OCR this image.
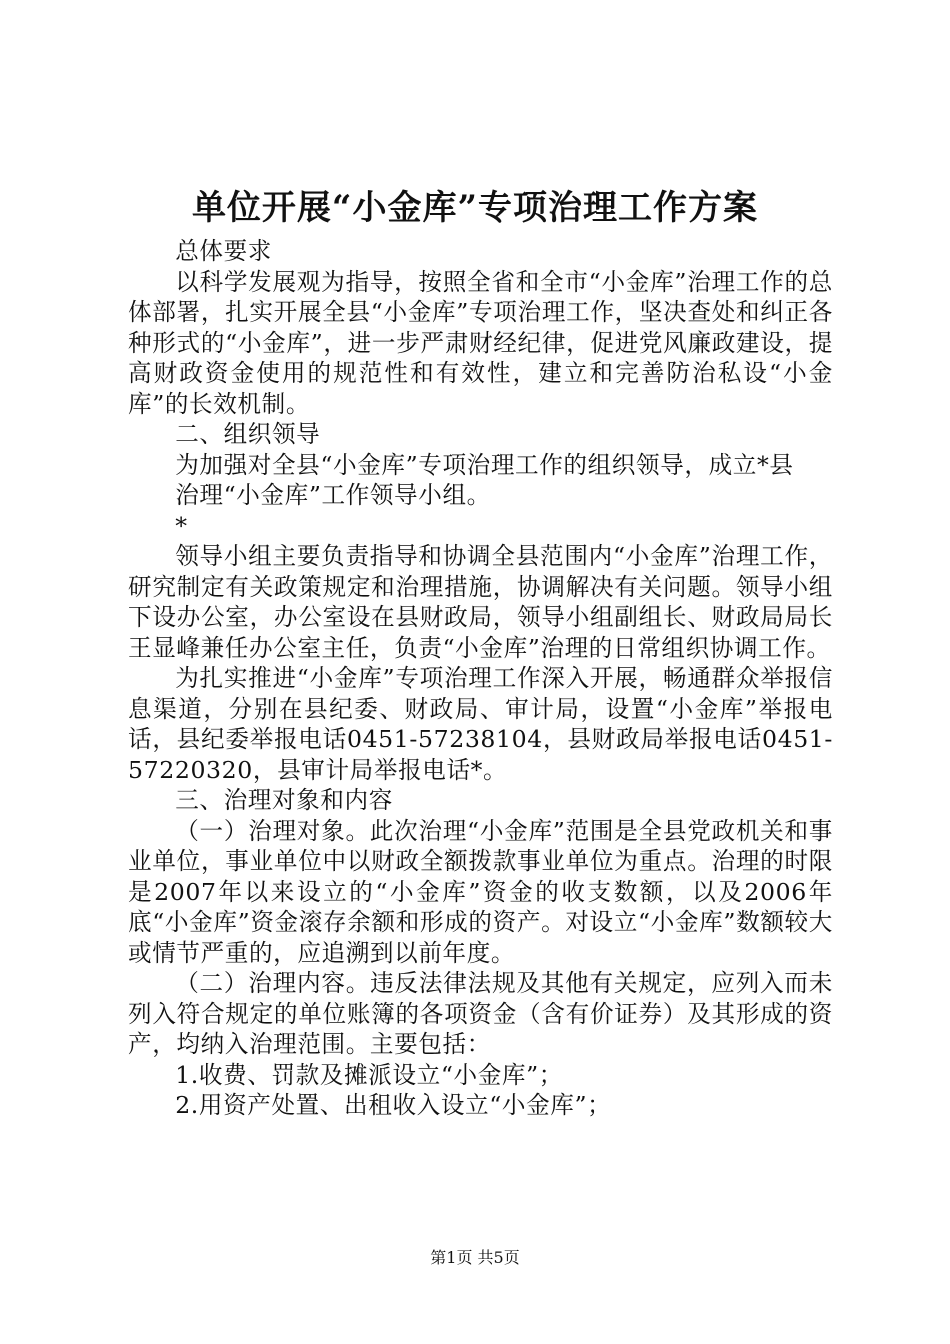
单位开展“小金库”专项治理工作方案

总体要求

以科学发展观为指导，按照全省和全市“小金库”治理工作的总体部署，扎实开展全县“小金库”专项治理工作，坚决查处和纠正各种形式的“小金库”，进一步严肃财经纪律，促进党风廉政建设，提高财政资金使用的规范性和有效性，建立和完善防治私设“小金库”的长效机制。

二、组织领导

为加强对全县“小金库”专项治理工作的组织领导，成立*县

治理“小金库”工作领导小组。

*

领导小组主要负责指导和协调全县范围内“小金库”治理工作，研究制定有关政策规定和治理措施，协调解决有关问题。领导小组下设办公室，办公室设在县财政局，领导小组副组长、财政局局长王显峰兼任办公室主任，负责“小金库”治理的日常组织协调工作。

为扎实推进“小金库”专项治理工作深入开展，畅通群众举报信息渠道，分别在县纪委、财政局、审计局，设置“小金库”举报电话，县纪委举报电话0451-57238104，县财政局举报电话0451-57220320，县审计局举报电话*。

三、治理对象和内容

（一）治理对象。此次治理“小金库”范围是全县党政机关和事业单位，事业单位中以财政全额拨款事业单位为重点。治理的时限是2007年以来设立的“小金库”资金的收支数额，以及2006年底“小金库”资金滚存余额和形成的资产。对设立“小金库”数额较大或情节严重的，应追溯到以前年度。

（二）治理内容。违反法律法规及其他有关规定，应列入而未列入符合规定的单位账簿的各项资金（含有价证券）及其形成的资产，均纳入治理范围。主要包括：

1.收费、罚款及摊派设立“小金库”；

2.用资产处置、出租收入设立“小金库”；

第1页 共5页
